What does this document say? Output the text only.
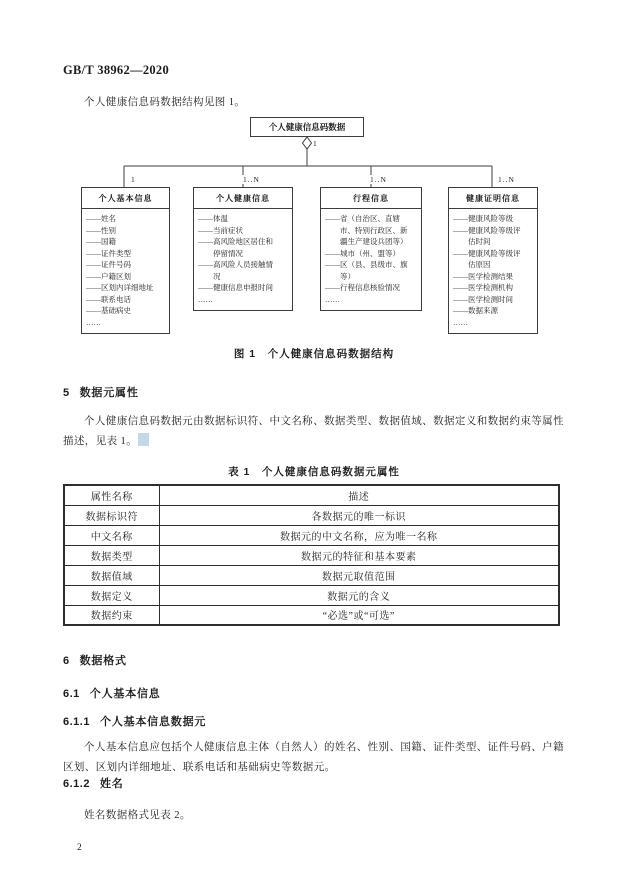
GB/T 38962—2020
个人健康信息码数据结构见图 1。
个人健康信息码数据
1
1
个人基本信息
——姓名
——性别
——国籍
——证件类型
——证件号码
——户籍区划
——区划内详细地址
——联系电话
——基础病史
……
1..N
个人健康信息
——体温
——当前症状
——高风险地区居住和停留情况
——高风险人员接触情况
——健康信息申报时间
……
1..N
行程信息
——省（自治区、直辖市、特别行政区、新疆生产建设兵团等）
——城市（州、盟等）
——区（县、县级市、旗等）
——行程信息核验情况
……
1..N
健康证明信息
——健康风险等级
——健康风险等级评估时间
——健康风险等级评估原因
——医学检测结果
——医学检测机构
——医学检测时间
——数据来源
……
图 1　个人健康信息码数据结构
5 数据元属性
个人健康信息码数据元由数据标识符、中文名称、数据类型、数据值域、数据定义和数据约束等属性描述，见表 1。
表 1　个人健康信息码数据元属性
属性名称	描述
数据标识符	各数据元的唯一标识
中文名称	数据元的中文名称，应为唯一名称
数据类型	数据元的特征和基本要素
数据值域	数据元取值范围
数据定义	数据元的含义
数据约束	“必选”或“可选”
6 数据格式
6.1 个人基本信息
6.1.1 个人基本信息数据元
个人基本信息应包括个人健康信息主体（自然人）的姓名、性别、国籍、证件类型、证件号码、户籍区划、区划内详细地址、联系电话和基础病史等数据元。
6.1.2 姓名
姓名数据格式见表 2。
2
